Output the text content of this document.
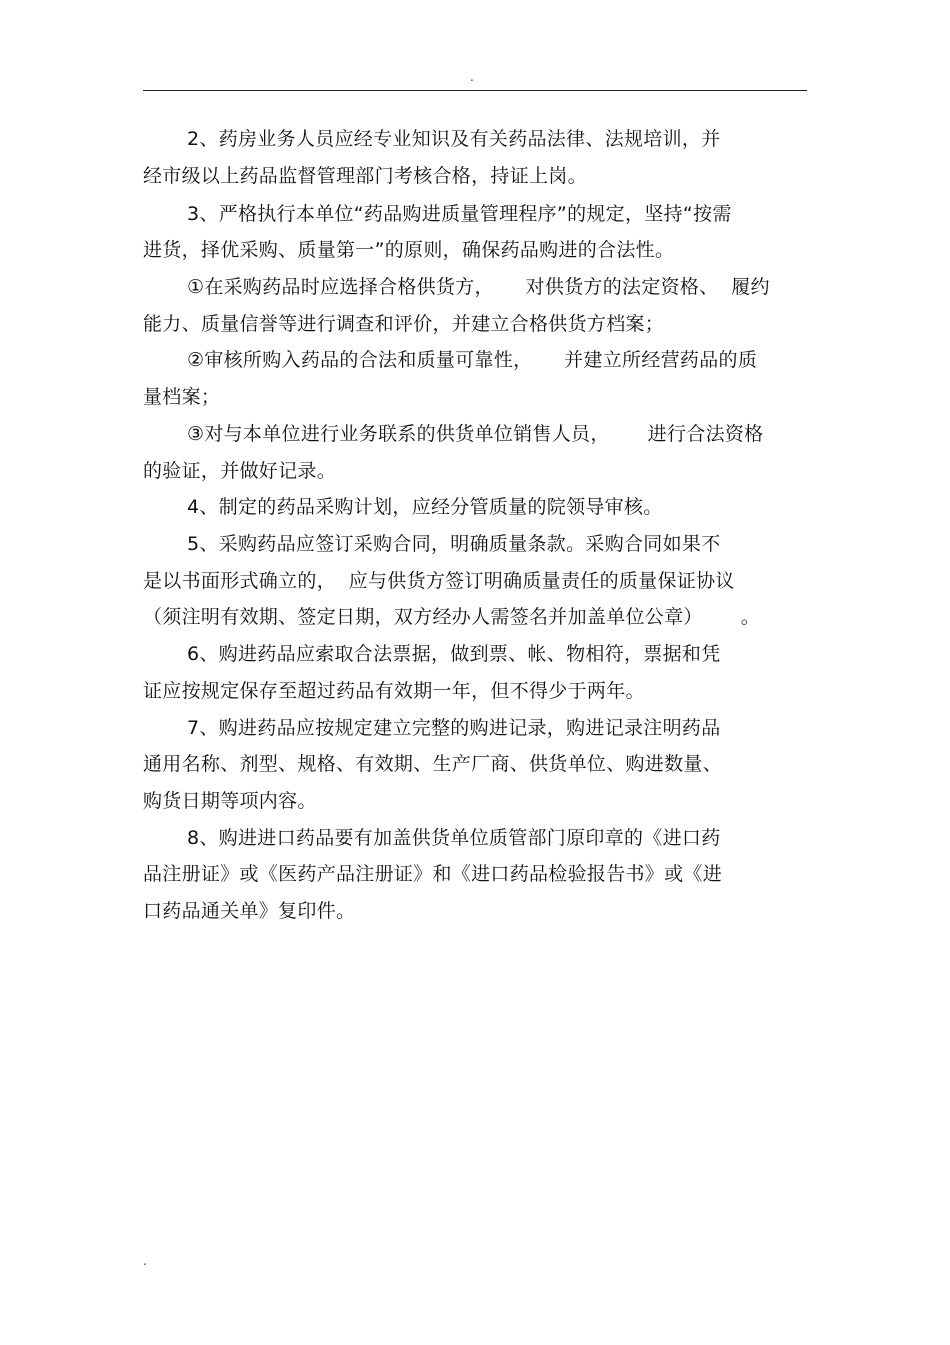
.
2、药房业务人员应经专业知识及有关药品法律、法规培训，并
经市级以上药品监督管理部门考核合格，持证上岗。
3、严格执行本单位“药品购进质量管理程序”的规定，坚持“按需
进货，择优采购、质量第一”的原则，确保药品购进的合法性。
①在采购药品时应选择合格供货方，     对供货方的法定资格、  履约
能力、质量信誉等进行调查和评价，并建立合格供货方档案；
②审核所购入药品的合法和质量可靠性，     并建立所经营药品的质
量档案；
③对与本单位进行业务联系的供货单位销售人员，      进行合法资格
的验证，并做好记录。
4、制定的药品采购计划，应经分管质量的院领导审核。
5、采购药品应签订采购合同，明确质量条款。采购合同如果不
是以书面形式确立的，  应与供货方签订明确质量责任的质量保证协议
（须注明有效期、签定日期，双方经办人需签名并加盖单位公章）      。
6、购进药品应索取合法票据，做到票、帐、物相符，票据和凭
证应按规定保存至超过药品有效期一年，但不得少于两年。
7、购进药品应按规定建立完整的购进记录，购进记录注明药品
通用名称、剂型、规格、有效期、生产厂商、供货单位、购进数量、
购货日期等项内容。
8、购进进口药品要有加盖供货单位质管部门原印章的《进口药
品注册证》或《医药产品注册证》和《进口药品检验报告书》或《进
口药品通关单》复印件。
.
